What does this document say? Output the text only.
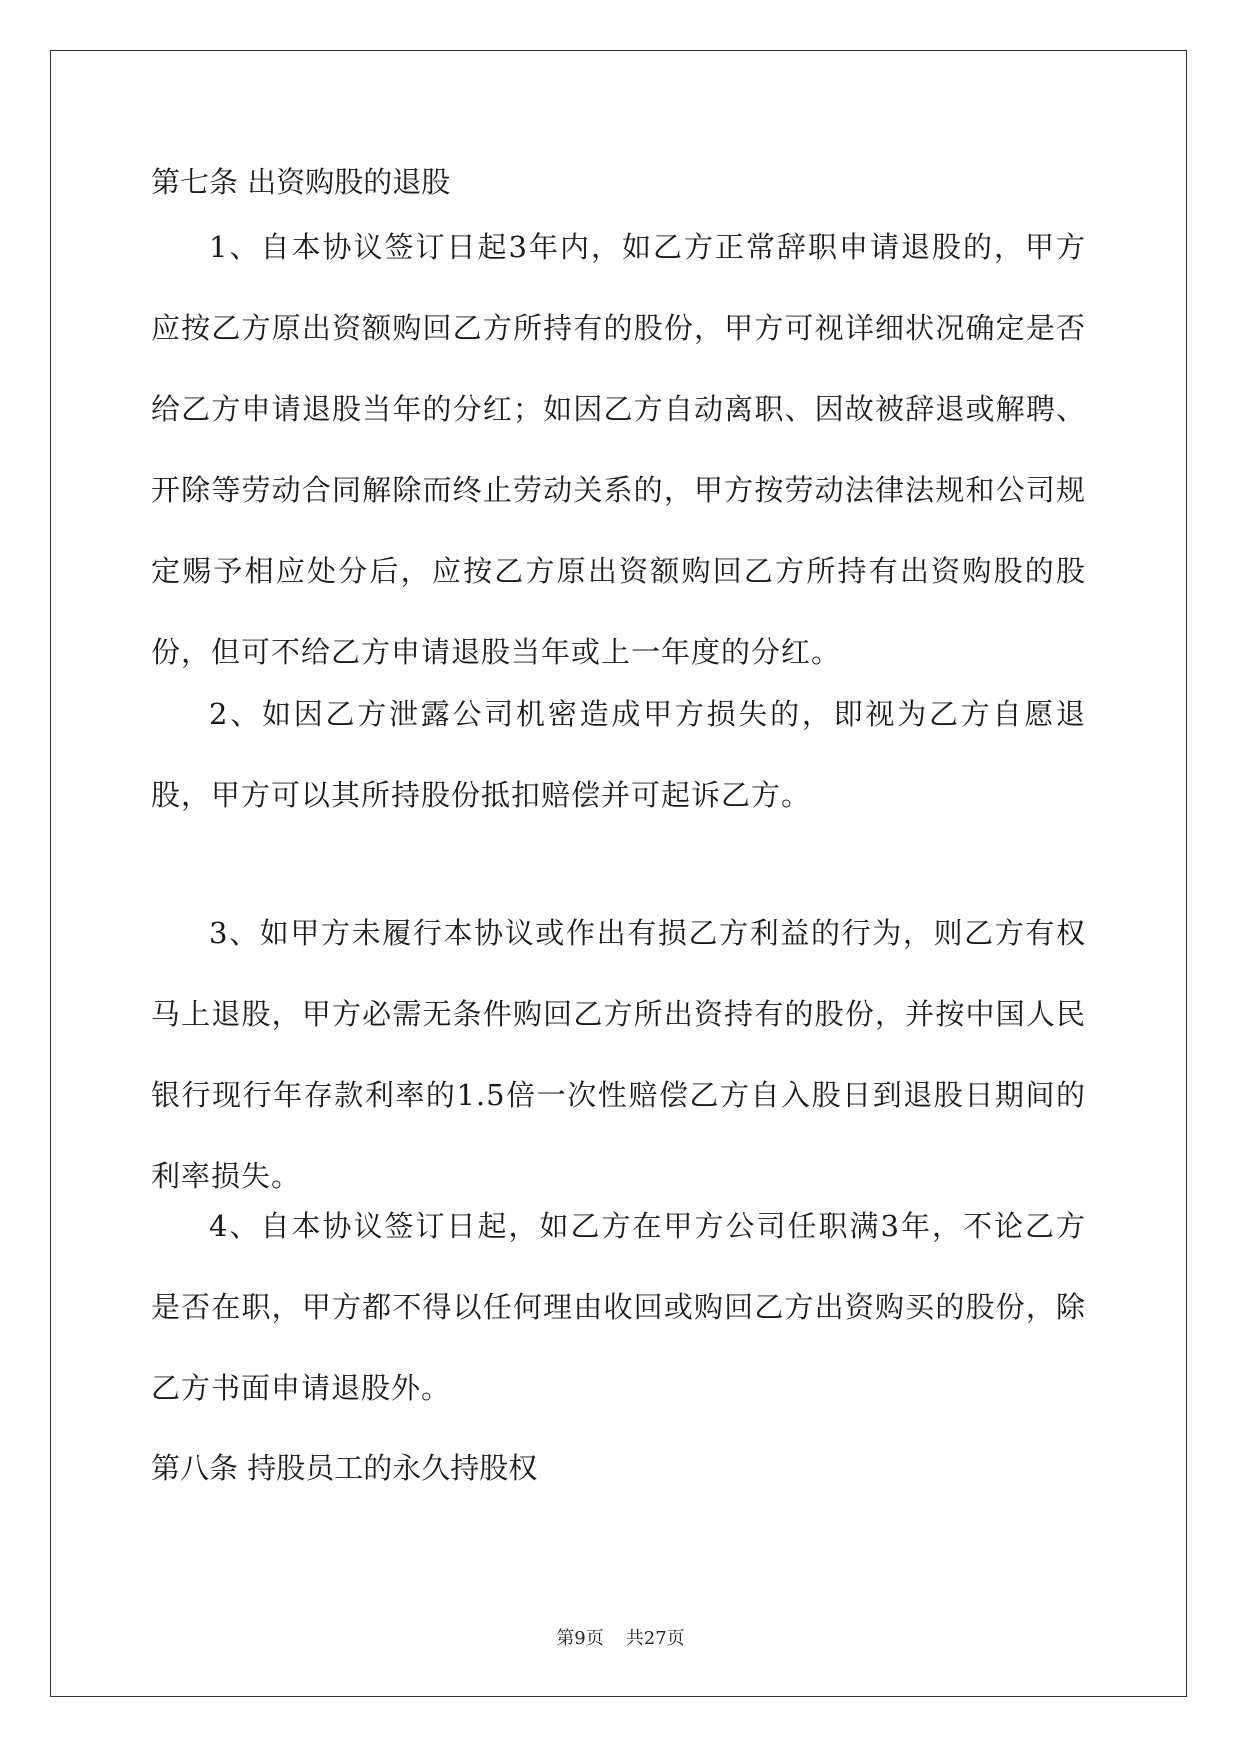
第七条 出资购股的退股

1、自本协议签订日起3年内，如乙方正常辞职申请退股的，甲方应按乙方原出资额购回乙方所持有的股份，甲方可视详细状况确定是否给乙方申请退股当年的分红；如因乙方自动离职、因故被辞退或解聘、开除等劳动合同解除而终止劳动关系的，甲方按劳动法律法规和公司规定赐予相应处分后，应按乙方原出资额购回乙方所持有出资购股的股份，但可不给乙方申请退股当年或上一年度的分红。

2、如因乙方泄露公司机密造成甲方损失的，即视为乙方自愿退股，甲方可以其所持股份抵扣赔偿并可起诉乙方。

3、如甲方未履行本协议或作出有损乙方利益的行为，则乙方有权马上退股，甲方必需无条件购回乙方所出资持有的股份，并按中国人民银行现行年存款利率的1.5倍一次性赔偿乙方自入股日到退股日期间的利率损失。

4、自本协议签订日起，如乙方在甲方公司任职满3年，不论乙方是否在职，甲方都不得以任何理由收回或购回乙方出资购买的股份，除乙方书面申请退股外。

第八条 持股员工的永久持股权
第9页 共27页
